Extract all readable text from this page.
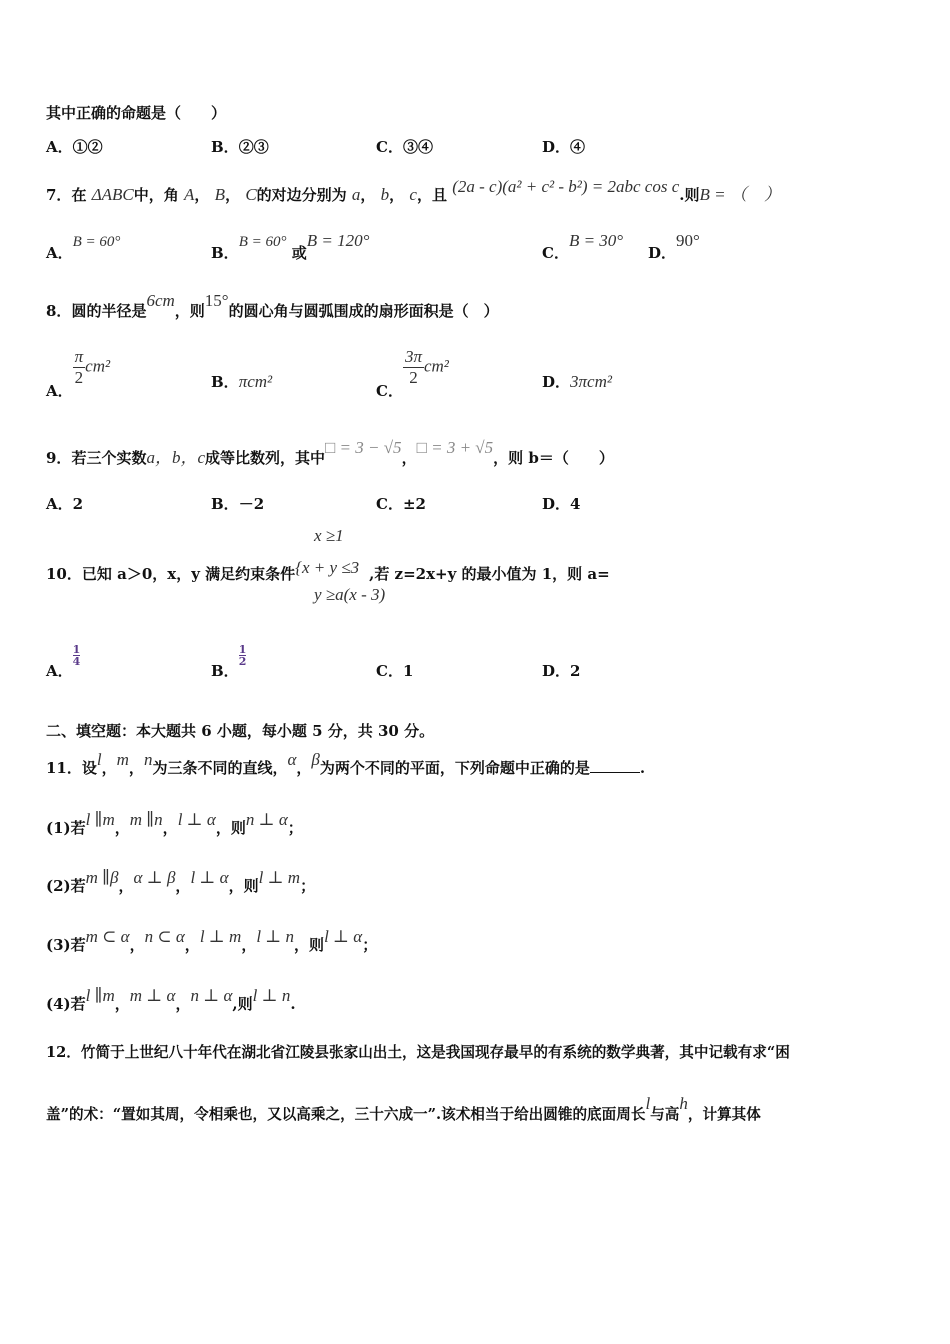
其中正确的命题是（　　）
A．①②	B．②③	C．③④	D．④
7．在 ΔABC中，角 A， B， C的对边分别为 a， b， c，且 (2a - c)(a² + c² - b²) = 2abc cos c.则B = （　）
A．B = 60°
B．B = 60° 或B = 120°
C．B = 30°
D．90°
8．圆的半径是6cm，则15°的圆心角与圆弧围成的扇形面积是（　）
A．
$\frac{\pi}{2} cm^2$
B．πcm²	C．
$\frac{3\pi}{2} cm^2$
D．3πcm²
9．若三个实数a，b，c成等比数列，其中□ = 3 − √5，□ = 3 + √5，则 b＝（　　）
A．2	B．－2	C．±2	D．4
x ≥1
10．已知 a＞0，x，y 满足约束条件{x + y ≤3 ,若 z=2x+y 的最小值为 1，则 a=
y ≥a(x - 3)
A．
$\frac{1}{4}$
B．
$\frac{1}{2}$
C．1	D．2
二、填空题：本大题共 6 小题，每小题 5 分，共 30 分。
11．设l，m，n为三条不同的直线，α，β为两个不同的平面，下列命题中正确的是	.
(1)若l ∥m，m ∥n，l ⊥ α，则n ⊥ α；
(2)若m ∥β，α ⊥ β，l ⊥ α，则l ⊥ m；
(3)若m ⊂ α，n ⊂ α，l ⊥ m，l ⊥ n，则l ⊥ α；
(4)若l ∥m，m ⊥ α，n ⊥ α,则l ⊥ n.
12．竹简于上世纪八十年代在湖北省江陵县张家山出土，这是我国现存最早的有系统的数学典著，其中记载有求“困
盖”的术：“置如其周，令相乘也，又以高乘之，三十六成一”.该术相当于给出圆锥的底面周长l与高h，计算其体
